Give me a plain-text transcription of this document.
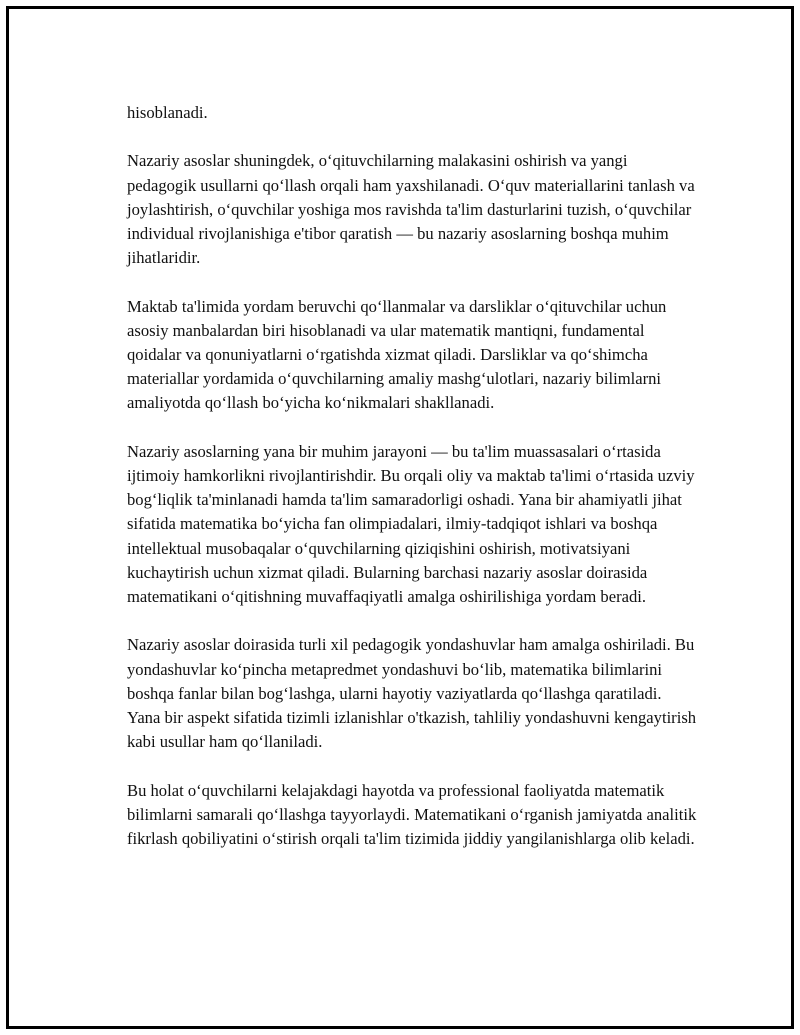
hisoblanadi.

Nazariy asoslar shuningdek, o‘qituvchilarning malakasini oshirish va yangi pedagogik usullarni qo‘llash orqali ham yaxshilanadi. O‘quv materiallarini tanlash va joylashtirish, o‘quvchilar yoshiga mos ravishda ta'lim dasturlarini tuzish, o‘quvchilar individual rivojlanishiga e'tibor qaratish — bu nazariy asoslarning boshqa muhim jihatlaridir.

Maktab ta'limida yordam beruvchi qo‘llanmalar va darsliklar o‘qituvchilar uchun asosiy manbalardan biri hisoblanadi va ular matematik mantiqni, fundamental qoidalar va qonuniyatlarni o‘rgatishda xizmat qiladi. Darsliklar va qo‘shimcha materiallar yordamida o‘quvchilarning amaliy mashg‘ulotlari, nazariy bilimlarni amaliyotda qo‘llash bo‘yicha ko‘nikmalari shakllanadi.

Nazariy asoslarning yana bir muhim jarayoni — bu ta'lim muassasalari o‘rtasida ijtimoiy hamkorlikni rivojlantirishdir. Bu orqali oliy va maktab ta'limi o‘rtasida uzviy bog‘liqlik ta'minlanadi hamda ta'lim samaradorligi oshadi. Yana bir ahamiyatli jihat sifatida matematika bo‘yicha fan olimpiadalari, ilmiy-tadqiqot ishlari va boshqa intellektual musobaqalar o‘quvchilarning qiziqishini oshirish, motivatsiyani kuchaytirish uchun xizmat qiladi. Bularning barchasi nazariy asoslar doirasida matematikani o‘qitishning muvaffaqiyatli amalga oshirilishiga yordam beradi.

Nazariy asoslar doirasida turli xil pedagogik yondashuvlar ham amalga oshiriladi. Bu yondashuvlar ko‘pincha metapredmet yondashuvi bo‘lib, matematika bilimlarini boshqa fanlar bilan bog‘lashga, ularni hayotiy vaziyatlarda qo‘llashga qaratiladi. Yana bir aspekt sifatida tizimli izlanishlar o'tkazish, tahliliy yondashuvni kengaytirish kabi usullar ham qo‘llaniladi.

Bu holat o‘quvchilarni kelajakdagi hayotda va professional faoliyatda matematik bilimlarni samarali qo‘llashga tayyorlaydi. Matematikani o‘rganish jamiyatda analitik fikrlash qobiliyatini o‘stirish orqali ta'lim tizimida jiddiy yangilanishlarga olib keladi.
